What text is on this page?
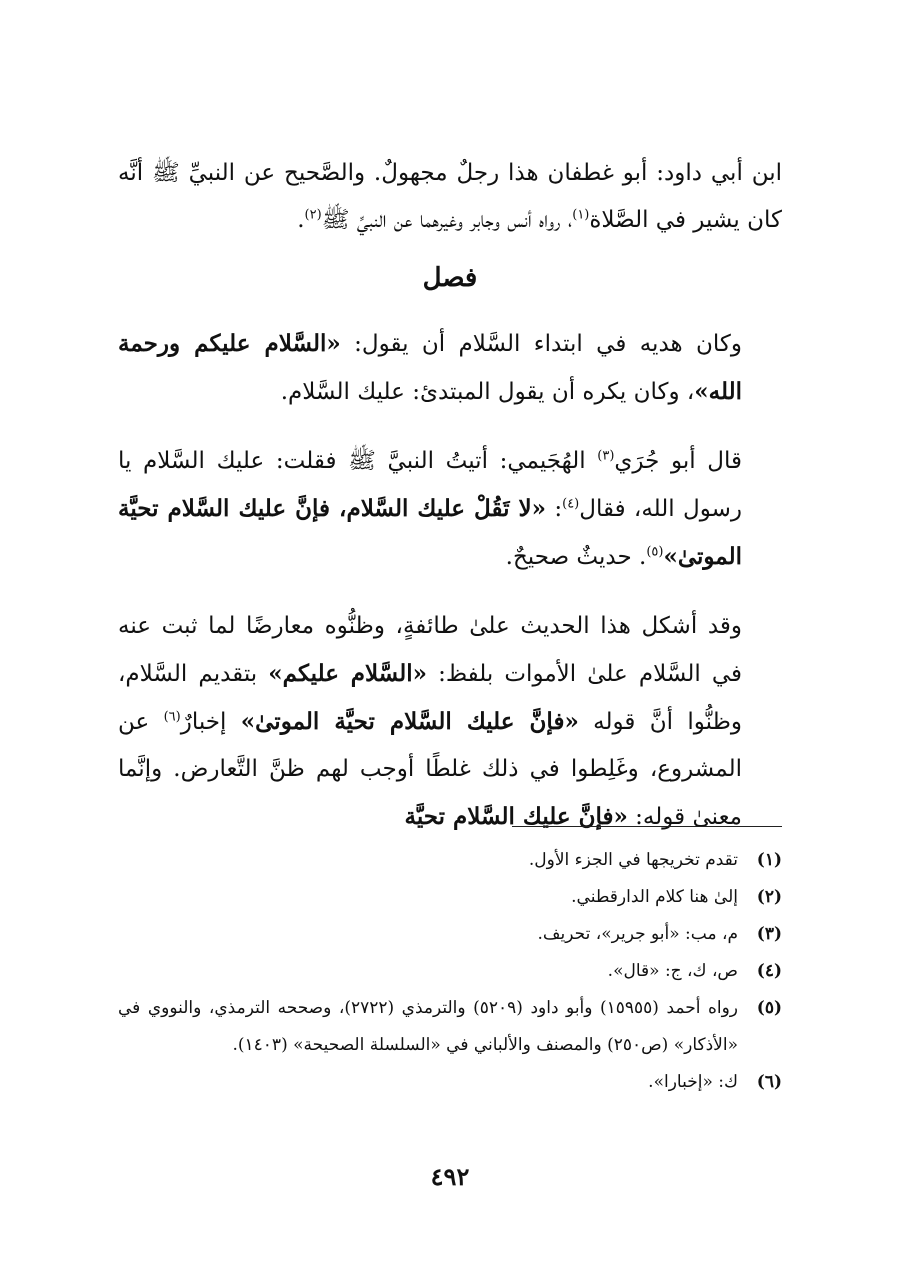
ابن أبي داود: أبو غطفان هذا رجلٌ مجهولٌ. والصَّحيح عن النبيِّ ﷺ أنَّه كان يشير في الصَّلاة$^{(١)}$، رواه أنس وجابر وغيرهما عن النبيِّ ﷺ$^{(٢)}$.

فصل

وكان هديه في ابتداء السَّلام أن يقول: «السَّلام عليكم ورحمة الله»، وكان يكره أن يقول المبتدئ: عليك السَّلام.

قال أبو جُرَي$^{(٣)}$ الهُجَيمي: أتيتُ النبيَّ ﷺ فقلت: عليك السَّلام يا رسول الله، فقال$^{(٤)}$: «لا تَقُلْ عليك السَّلام، فإنَّ عليك السَّلام تحيَّة الموتىٰ»$^{(٥)}$. حديثٌ صحيحٌ.

وقد أشكل هذا الحديث علىٰ طائفةٍ، وظنُّوه معارضًا لما ثبت عنه في السَّلام علىٰ الأموات بلفظ: «السَّلام عليكم» بتقديم السَّلام، وظنُّوا أنَّ قوله «فإنَّ عليك السَّلام تحيَّة الموتىٰ» إخبارٌ$^{(٦)}$ عن المشروع، وغَلِطوا في ذلك غلطًا أوجب لهم ظنَّ التَّعارض. وإنَّما معنىٰ قوله: «فإنَّ عليك السَّلام تحيَّة

(١)
تقدم تخريجها في الجزء الأول.
(٢)
إلىٰ هنا كلام الدارقطني.
(٣)
م، مب: «أبو جرير»، تحريف.
(٤)
ص، ك، ج: «قال».
(٥)
رواه أحمد (١٥٩٥٥) وأبو داود (٥٢٠٩) والترمذي (٢٧٢٢)، وصححه الترمذي، والنووي في «الأذكار» (ص٢٥٠) والمصنف والألباني في «السلسلة الصحيحة» (١٤٠٣).
(٦)
ك: «إخبارا».
٤٩٢
